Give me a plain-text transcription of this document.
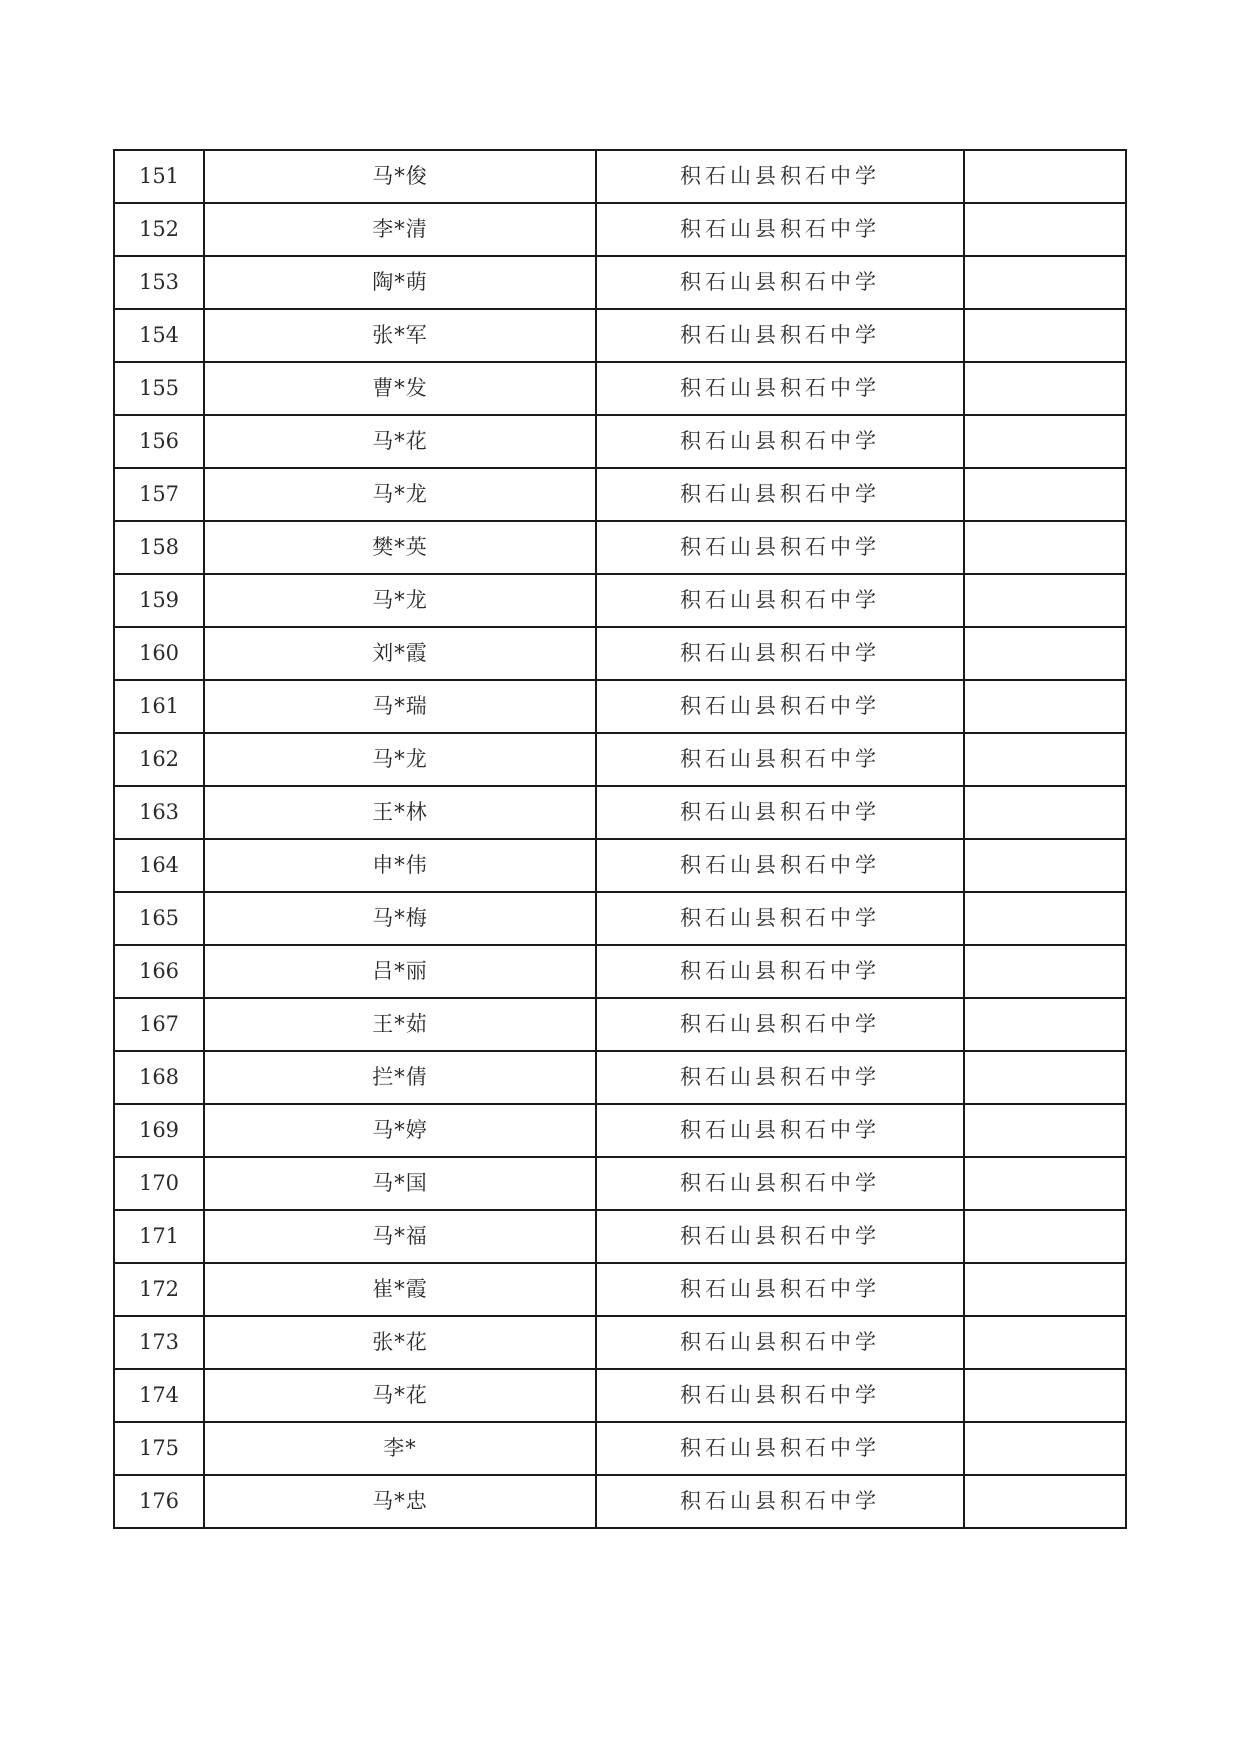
151	马*俊	积石山县积石中学	
152	李*清	积石山县积石中学	
153	陶*萌	积石山县积石中学	
154	张*军	积石山县积石中学	
155	曹*发	积石山县积石中学	
156	马*花	积石山县积石中学	
157	马*龙	积石山县积石中学	
158	樊*英	积石山县积石中学	
159	马*龙	积石山县积石中学	
160	刘*霞	积石山县积石中学	
161	马*瑞	积石山县积石中学	
162	马*龙	积石山县积石中学	
163	王*林	积石山县积石中学	
164	申*伟	积石山县积石中学	
165	马*梅	积石山县积石中学	
166	吕*丽	积石山县积石中学	
167	王*茹	积石山县积石中学	
168	拦*倩	积石山县积石中学	
169	马*婷	积石山县积石中学	
170	马*国	积石山县积石中学	
171	马*福	积石山县积石中学	
172	崔*霞	积石山县积石中学	
173	张*花	积石山县积石中学	
174	马*花	积石山县积石中学	
175	李*	积石山县积石中学	
176	马*忠	积石山县积石中学	
